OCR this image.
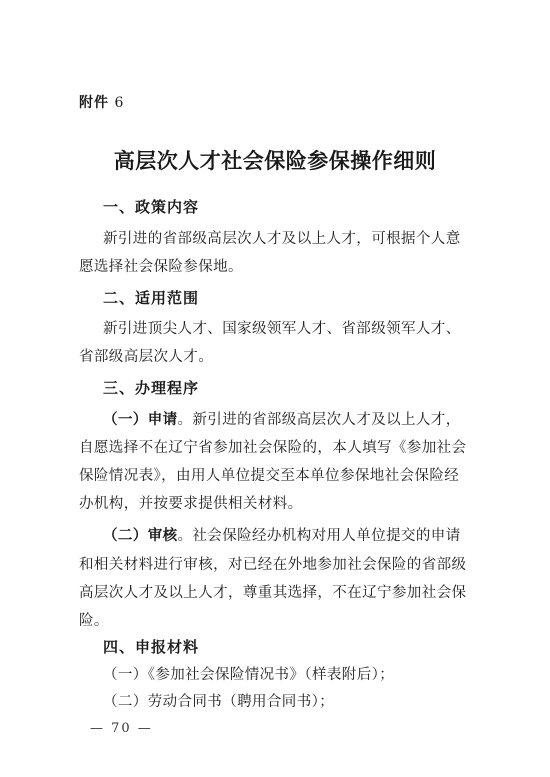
附件 6
高层次人才社会保险参保操作细则
一、政策内容
新引进的省部级高层次人才及以上人才，可根据个人意
愿选择社会保险参保地。
二、适用范围
新引进顶尖人才、国家级领军人才、省部级领军人才、
省部级高层次人才。
三、办理程序
（一）申请。新引进的省部级高层次人才及以上人才，
自愿选择不在辽宁省参加社会保险的，本人填写《参加社会
保险情况表》，由用人单位提交至本单位参保地社会保险经
办机构，并按要求提供相关材料。
（二）审核。社会保险经办机构对用人单位提交的申请
和相关材料进行审核，对已经在外地参加社会保险的省部级
高层次人才及以上人才，尊重其选择，不在辽宁参加社会保
险。
四、申报材料
（一）《参加社会保险情况书》（样表附后）；
（二）劳动合同书（聘用合同书）；
— 70 —
